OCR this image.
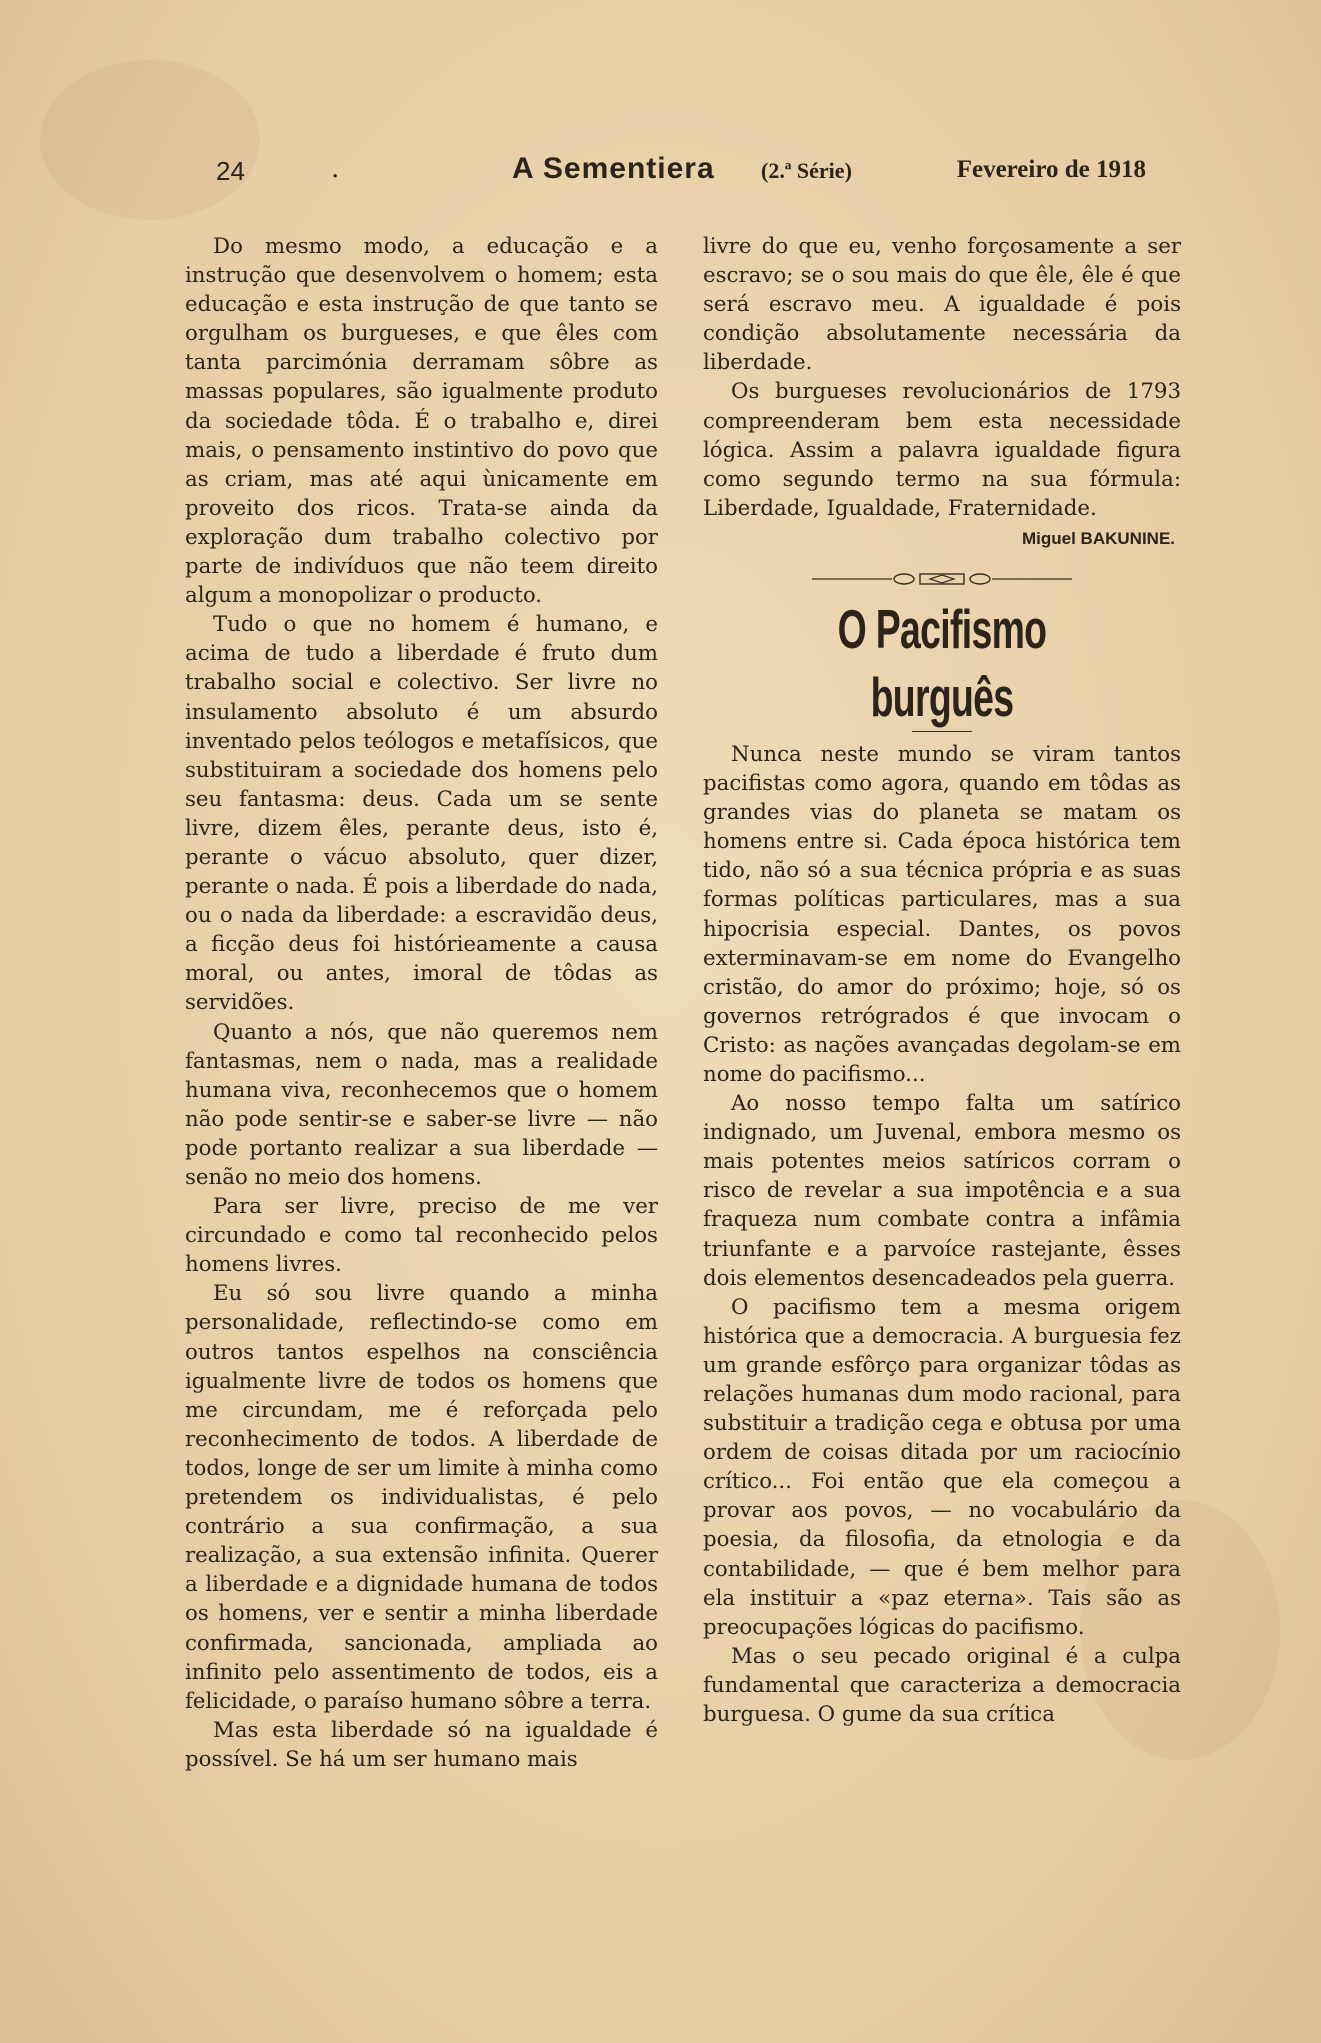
24	.	A Sementiera (2.ª Série)	Fevereiro de 1918

Do mesmo modo, a educação e a instrução que desenvolvem o homem; esta educação e esta instrução de que tanto se orgulham os burgueses, e que êles com tanta parcimónia derramam sôbre as massas populares, são igualmente produto da sociedade tôda. É o trabalho e, direi mais, o pensamento instintivo do povo que as criam, mas até aqui ùnicamente em proveito dos ricos. Trata-se ainda da exploração dum trabalho colectivo por parte de indivíduos que não teem direito algum a monopolizar o producto.

Tudo o que no homem é humano, e acima de tudo a liberdade é fruto dum trabalho social e colectivo. Ser livre no insulamento absoluto é um absurdo inventado pelos teólogos e metafísicos, que substituiram a sociedade dos homens pelo seu fantasma: deus. Cada um se sente livre, dizem êles, perante deus, isto é, perante o vácuo absoluto, quer dizer, perante o nada. É pois a liberdade do nada, ou o nada da liberdade: a escravidão deus, a ficção deus foi histórieamente a causa moral, ou antes, imoral de tôdas as servidões.

Quanto a nós, que não queremos nem fantasmas, nem o nada, mas a realidade humana viva, reconhecemos que o homem não pode sentir-se e saber-se livre — não pode portanto realizar a sua liberdade — senão no meio dos homens.

Para ser livre, preciso de me ver circundado e como tal reconhecido pelos homens livres.

Eu só sou livre quando a minha personalidade, reflectindo-se como em outros tantos espelhos na consciência igualmente livre de todos os homens que me circundam, me é reforçada pelo reconhecimento de todos. A liberdade de todos, longe de ser um limite à minha como pretendem os individualistas, é pelo contrário a sua confirmação, a sua realização, a sua extensão infinita. Querer a liberdade e a dignidade humana de todos os homens, ver e sentir a minha liberdade confirmada, sancionada, ampliada ao infinito pelo assentimento de todos, eis a felicidade, o paraíso humano sôbre a terra.

Mas esta liberdade só na igualdade é possível. Se há um ser humano mais

livre do que eu, venho forçosamente a ser escravo; se o sou mais do que êle, êle é que será escravo meu. A igualdade é pois condição absolutamente necessária da liberdade.

Os burgueses revolucionários de 1793 compreenderam bem esta necessidade lógica. Assim a palavra igualdade figura como segundo termo na sua fórmula: Liberdade, Igualdade, Fraternidade.

Miguel BAKUNINE.

O Pacifismo burguês

Nunca neste mundo se viram tantos pacifistas como agora, quando em tôdas as grandes vias do planeta se matam os homens entre si. Cada época histórica tem tido, não só a sua técnica própria e as suas formas políticas particulares, mas a sua hipocrisia especial. Dantes, os povos exterminavam-se em nome do Evangelho cristão, do amor do próximo; hoje, só os governos retrógrados é que invocam o Cristo: as nações avançadas degolam-se em nome do pacifismo...

Ao nosso tempo falta um satírico indignado, um Juvenal, embora mesmo os mais potentes meios satíricos corram o risco de revelar a sua impotência e a sua fraqueza num combate contra a infâmia triunfante e a parvoíce rastejante, êsses dois elementos desencadeados pela guerra.

O pacifismo tem a mesma origem histórica que a democracia. A burguesia fez um grande esfôrço para organizar tôdas as relações humanas dum modo racional, para substituir a tradição cega e obtusa por uma ordem de coisas ditada por um raciocínio crítico... Foi então que ela começou a provar aos povos, — no vocabulário da poesia, da filosofia, da etnologia e da contabilidade, — que é bem melhor para ela instituir a «paz eterna». Tais são as preocupações lógicas do pacifismo.

Mas o seu pecado original é a culpa fundamental que caracteriza a democracia burguesa. O gume da sua crítica
